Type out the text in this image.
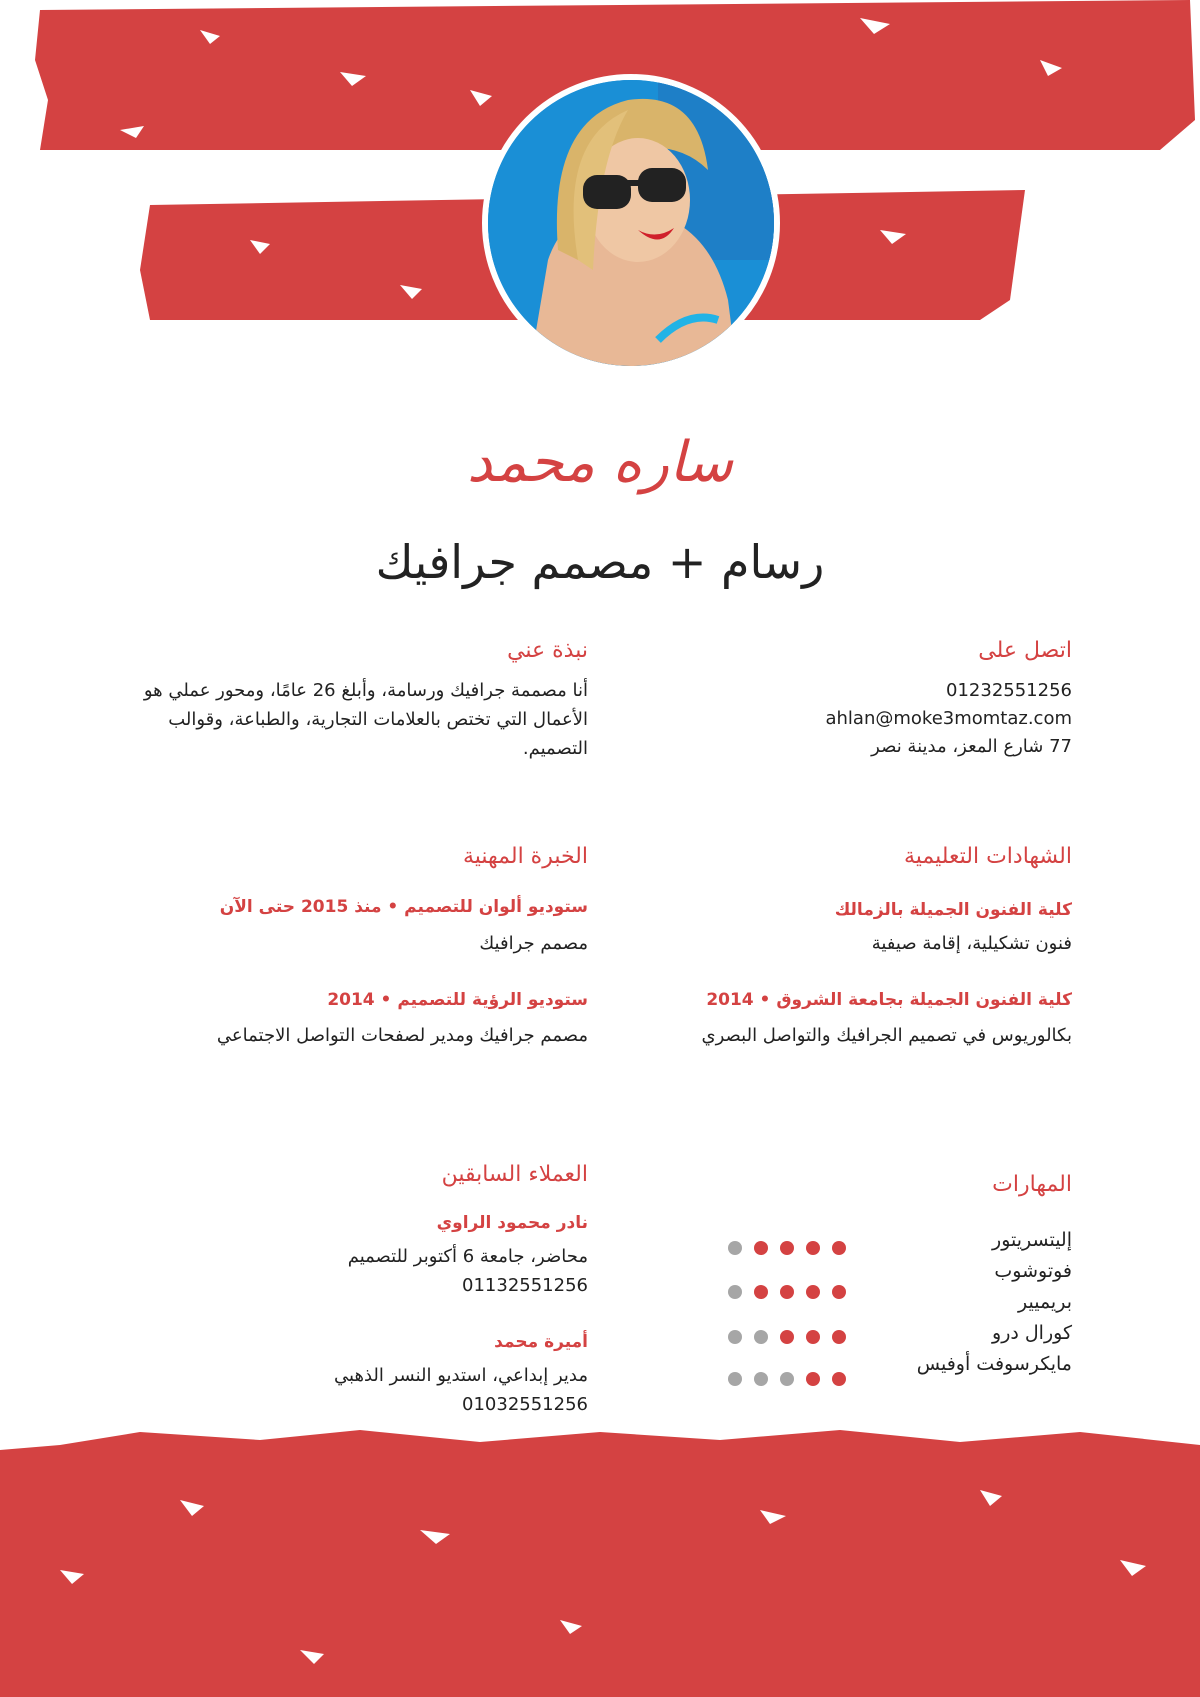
ساره محمد
رسام + مصمم جرافيك
اتصل على
01232551256
ahlan@moke3momtaz.com
77 شارع المعز، مدينة نصر
نبذة عني
أنا مصممة جرافيك ورسامة، وأبلغ 26 عامًا، ومحور عملي هو
الأعمال التي تختص بالعلامات التجارية، والطباعة، وقوالب
التصميم.
الشهادات التعليمية
كلية الفنون الجميلة بالزمالك
فنون تشكيلية، إقامة صيفية
كلية الفنون الجميلة بجامعة الشروق • 2014
بكالوريوس في تصميم الجرافيك والتواصل البصري
الخبرة المهنية
ستوديو ألوان للتصميم • منذ 2015 حتى الآن
مصمم جرافيك
ستوديو الرؤية للتصميم • 2014
مصمم جرافيك ومدير لصفحات التواصل الاجتماعي
المهارات
إليتسريتور
فوتوشوب
بريميير
كورال درو
مايكرسوفت أوفيس
العملاء السابقين
نادر محمود الراوي
محاضر، جامعة 6 أكتوبر للتصميم
01132551256
أميرة محمد
مدير إبداعي، استديو النسر الذهبي
01032551256
